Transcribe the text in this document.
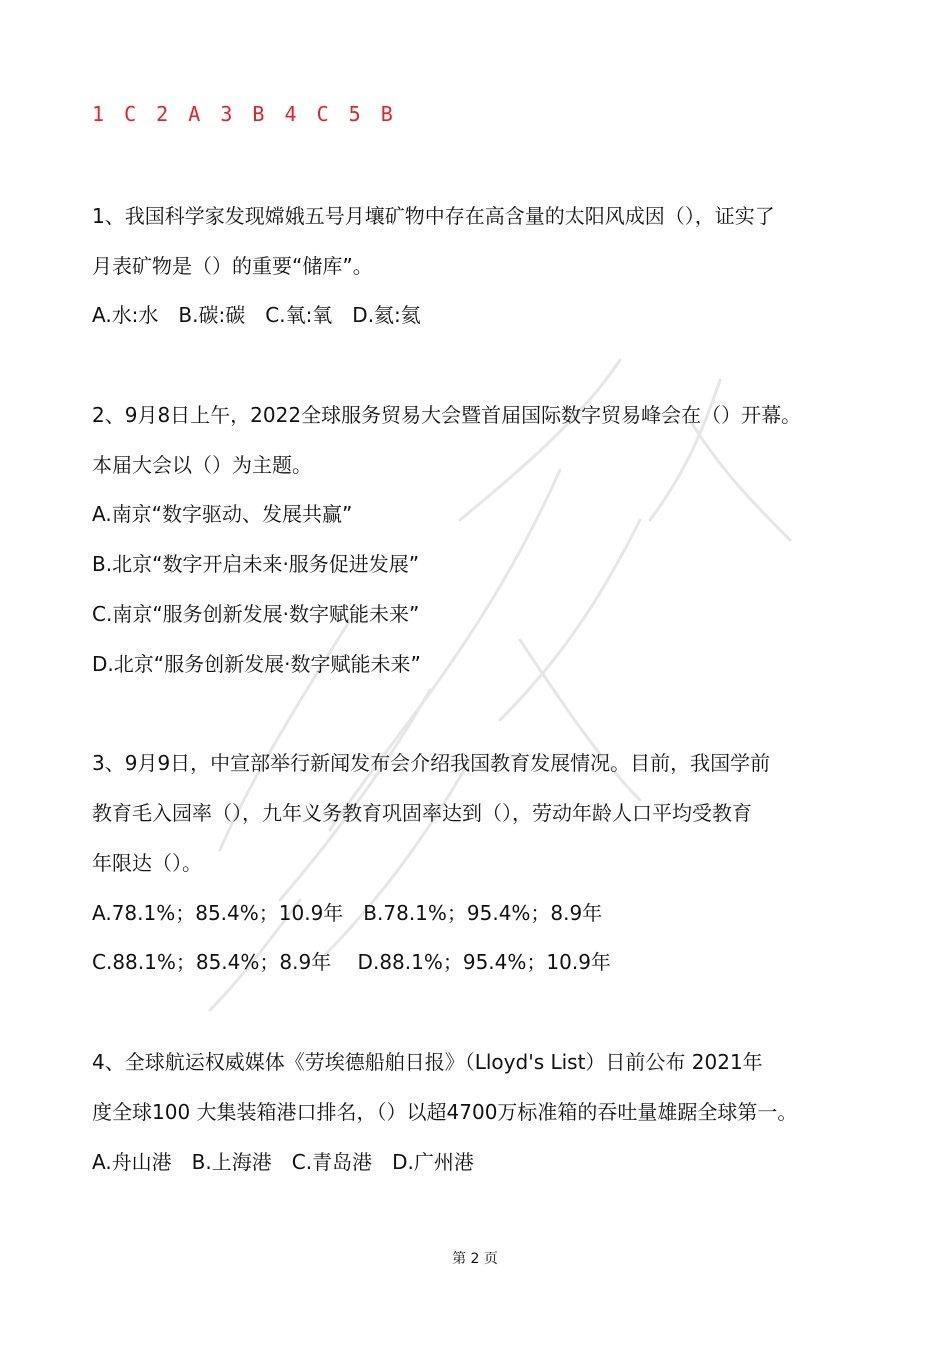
1 C 2 A 3 B 4 C 5 B
1、我国科学家发现嫦娥五号月壤矿物中存在高含量的太阳风成因（），证实了
月表矿物是（）的重要“储库”。
A.水:水　B.碳:碳　C.氧:氧　D.氦:氦
2、9月8日上午，2022全球服务贸易大会暨首届国际数字贸易峰会在（）开幕。
本届大会以（）为主题。
A.南京“数字驱动、发展共赢”
B.北京“数字开启未来·服务促进发展”
C.南京“服务创新发展·数字赋能未来”
D.北京“服务创新发展·数字赋能未来”
3、9月9日，中宣部举行新闻发布会介绍我国教育发展情况。目前，我国学前
教育毛入园率（），九年义务教育巩固率达到（），劳动年龄人口平均受教育
年限达（）。
A.78.1%；85.4%；10.9年　B.78.1%；95.4%；8.9年
C.88.1%；85.4%；8.9年　 D.88.1%；95.4%；10.9年
4、全球航运权威媒体《劳埃德船舶日报》（Lloyd's List）日前公布 2021年
度全球100 大集装箱港口排名，（）以超4700万标准箱的吞吐量雄踞全球第一。
A.舟山港　B.上海港　C.青岛港　D.广州港
第 2 页
